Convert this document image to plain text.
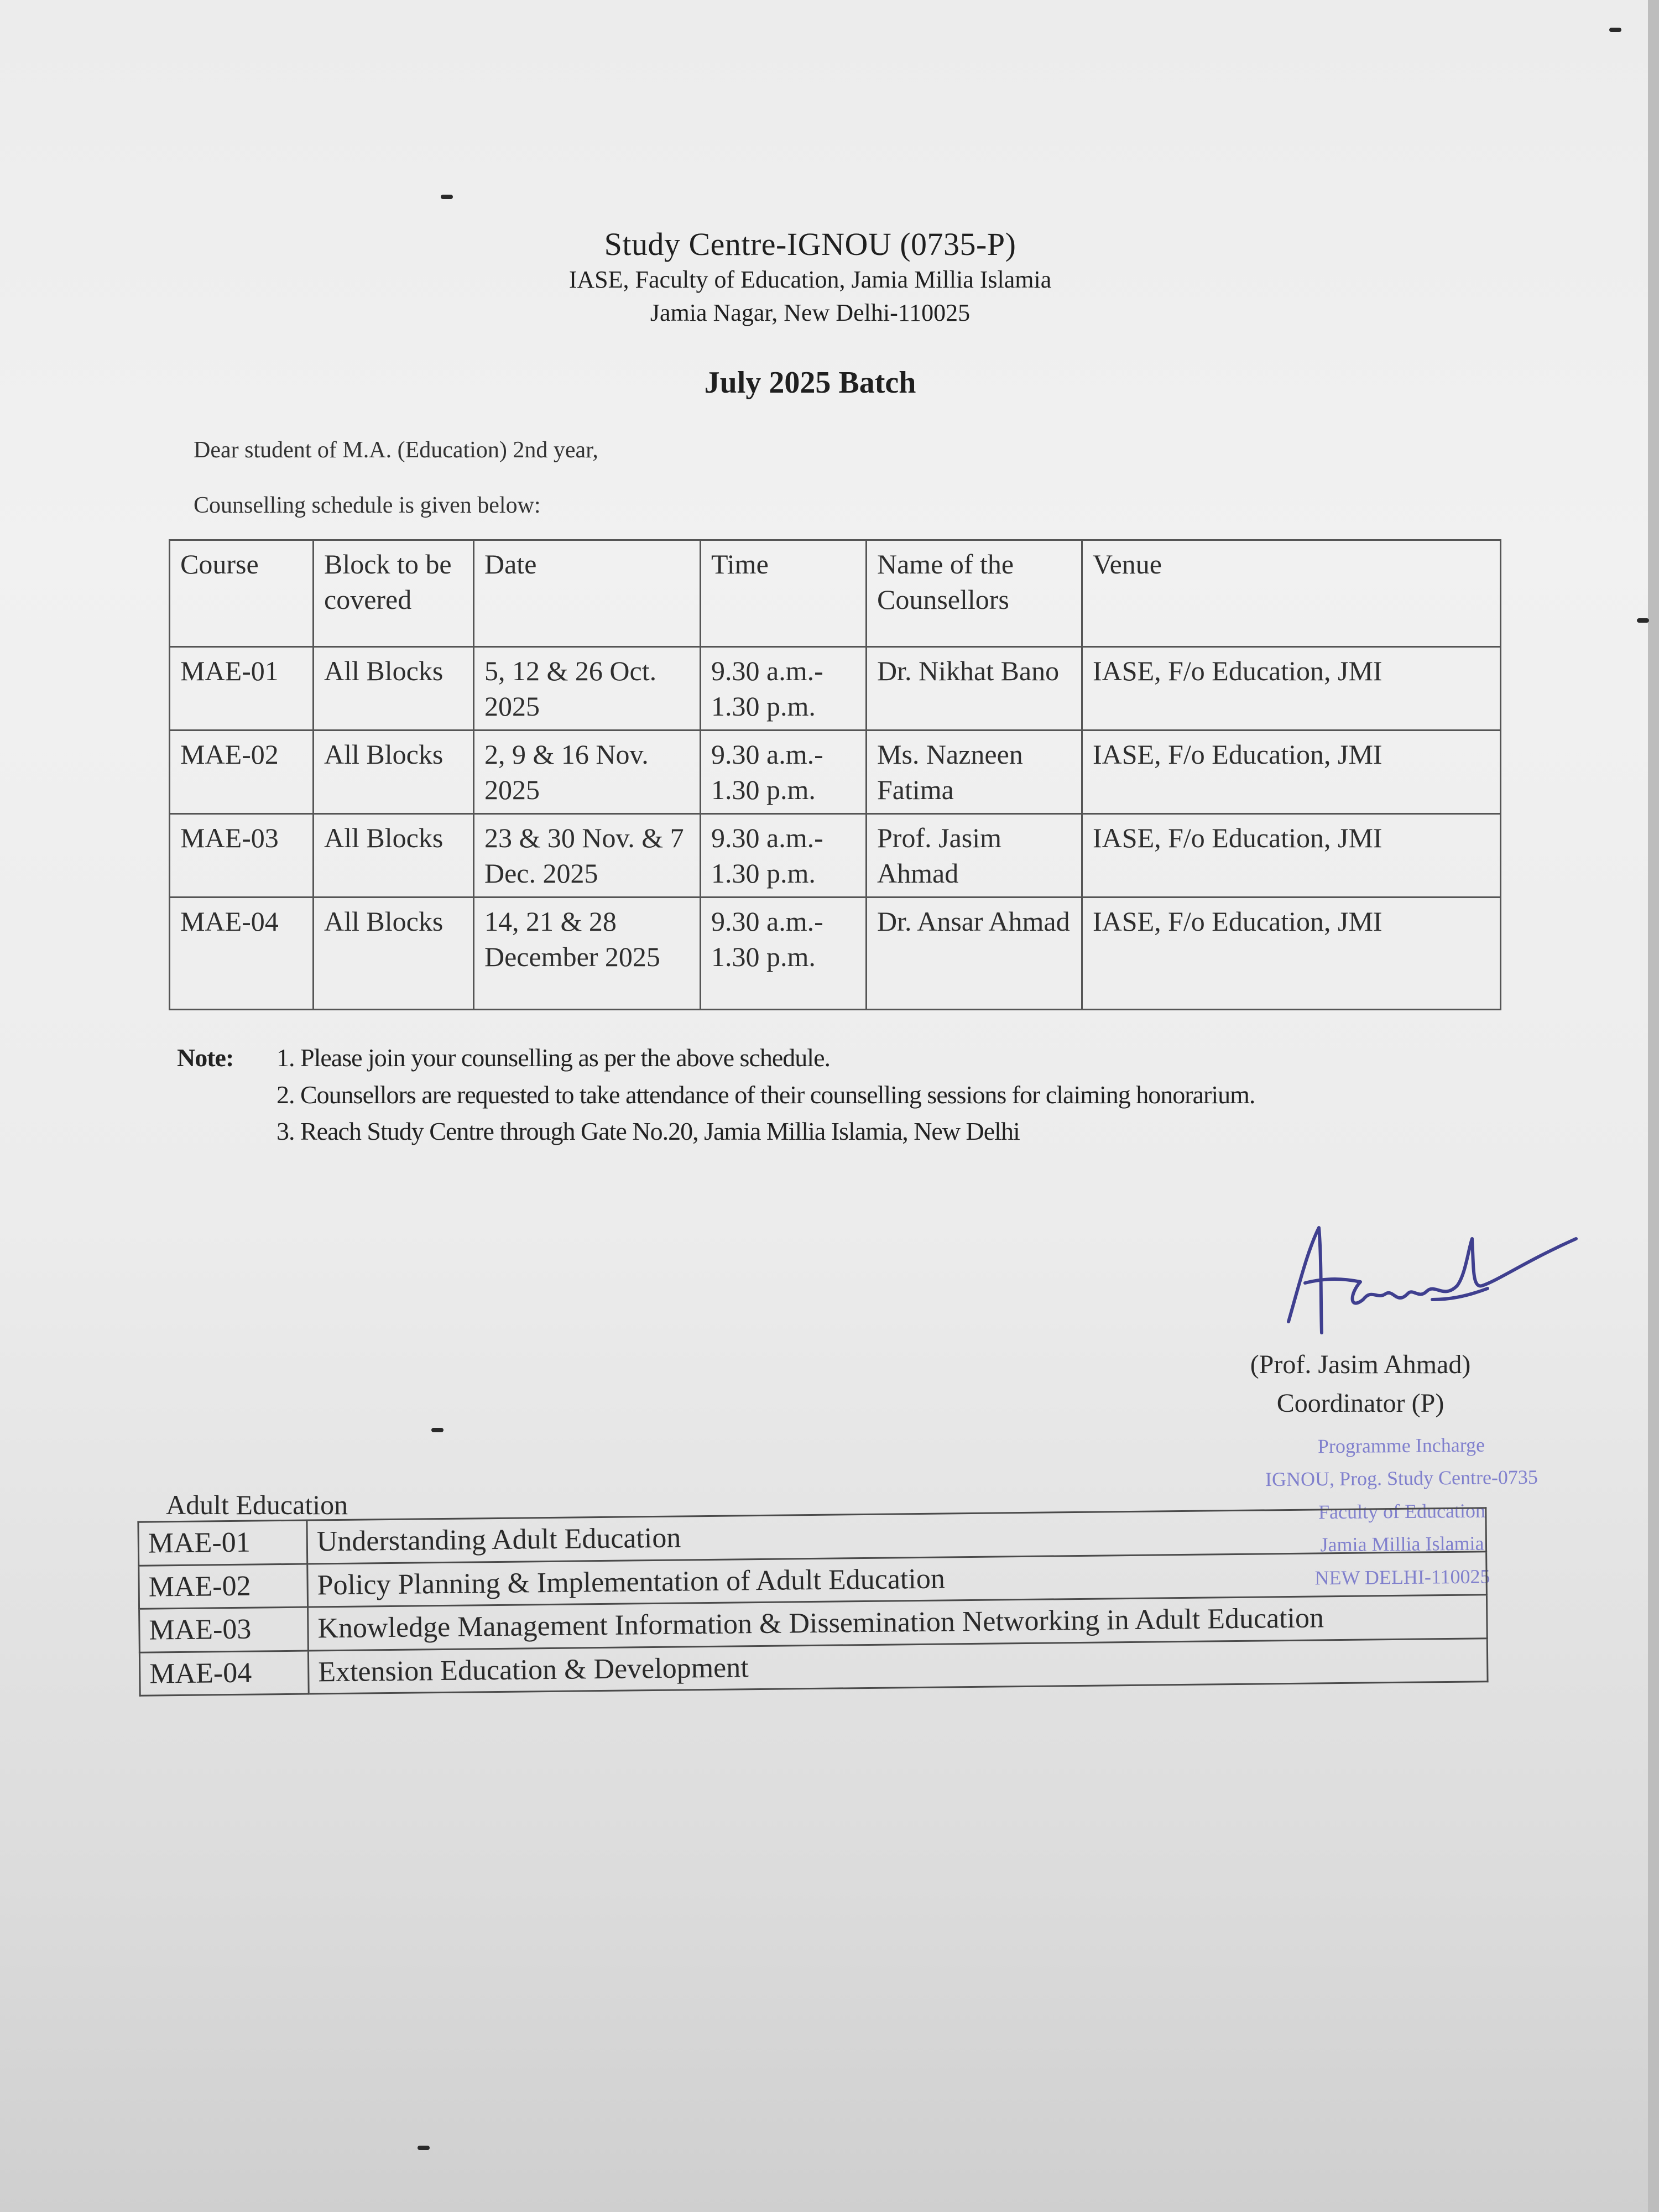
Study Centre-IGNOU (0735-P)
IASE, Faculty of Education, Jamia Millia Islamia
Jamia Nagar, New Delhi-110025
July 2025 Batch
Dear student of M.A. (Education) 2nd year,
Counselling schedule is given below:
Course	Block to be covered	Date	Time	Name of the Counsellors	Venue
MAE-01	All Blocks	5, 12 & 26 Oct. 2025	9.30 a.m.- 1.30 p.m.	Dr. Nikhat Bano	IASE, F/o Education, JMI
MAE-02	All Blocks	2, 9 & 16 Nov. 2025	9.30 a.m.- 1.30 p.m.	Ms. Nazneen Fatima	IASE, F/o Education, JMI
MAE-03	All Blocks	23 & 30 Nov. & 7 Dec. 2025	9.30 a.m.- 1.30 p.m.	Prof. Jasim Ahmad	IASE, F/o Education, JMI
MAE-04	All Blocks	14, 21 & 28 December 2025	9.30 a.m.- 1.30 p.m.	Dr. Ansar Ahmad	IASE, F/o Education, JMI
Note: 1. Please join your counselling as per the above schedule.
2. Counsellors are requested to take attendance of their counselling sessions for claiming honorarium.
3. Reach Study Centre through Gate No.20, Jamia Millia Islamia, New Delhi
(Prof. Jasim Ahmad)
Coordinator (P)
Programme Incharge
IGNOU, Prog. Study Centre-0735
Faculty of Education
Jamia Millia Islamia
NEW DELHI-110025
Adult Education
MAE-01	Understanding Adult Education
MAE-02	Policy Planning & Implementation of Adult Education
MAE-03	Knowledge Management Information & Dissemination Networking in Adult Education
MAE-04	Extension Education & Development
